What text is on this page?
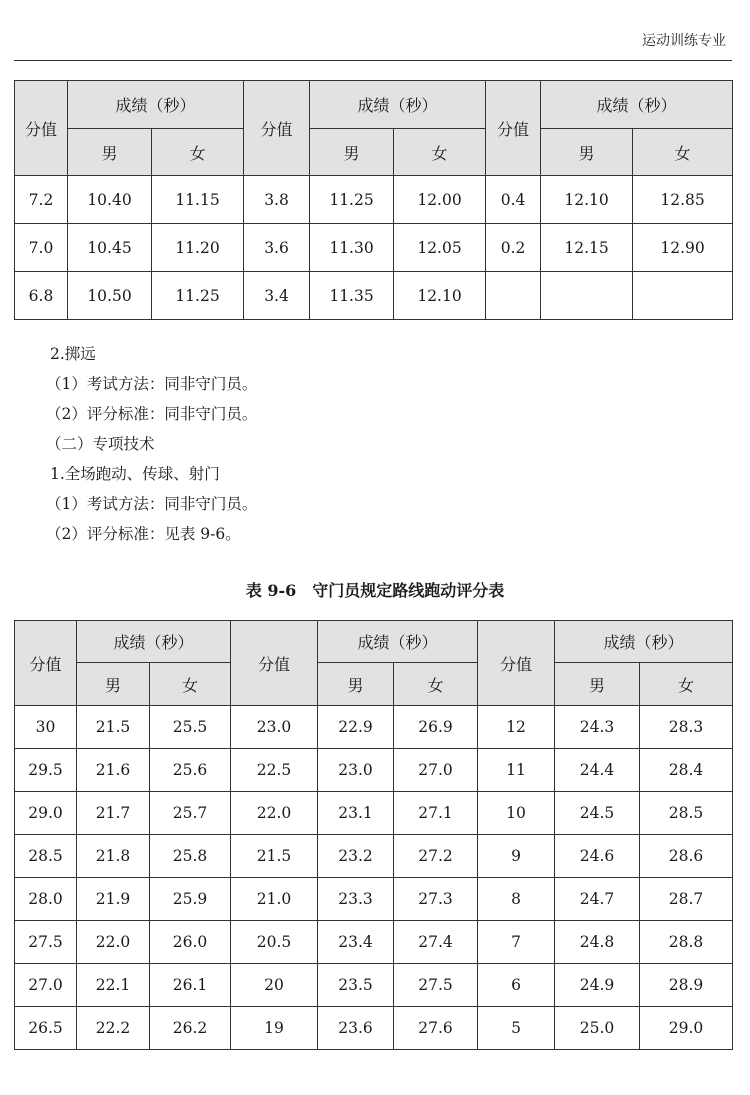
运动训练专业
分值	成绩（秒）		分值	成绩（秒）		分值	成绩（秒）	
	男	女		男	女		男	女
7.2	10.40	11.15	3.8	11.25	12.00	0.4	12.10	12.85
7.0	10.45	11.20	3.6	11.30	12.05	0.2	12.15	12.90
6.8	10.50	11.25	3.4	11.35	12.10			
2.掷远
（1）考试方法：同非守门员。
（2）评分标准：同非守门员。
（二）专项技术
1.全场跑动、传球、射门
（1）考试方法：同非守门员。
（2）评分标准：见表 9-6。
表 9-6　守门员规定路线跑动评分表
分值	成绩（秒）		分值	成绩（秒）		分值	成绩（秒）	
	男	女		男	女		男	女
30	21.5	25.5	23.0	22.9	26.9	12	24.3	28.3
29.5	21.6	25.6	22.5	23.0	27.0	11	24.4	28.4
29.0	21.7	25.7	22.0	23.1	27.1	10	24.5	28.5
28.5	21.8	25.8	21.5	23.2	27.2	9	24.6	28.6
28.0	21.9	25.9	21.0	23.3	27.3	8	24.7	28.7
27.5	22.0	26.0	20.5	23.4	27.4	7	24.8	28.8
27.0	22.1	26.1	20	23.5	27.5	6	24.9	28.9
26.5	22.2	26.2	19	23.6	27.6	5	25.0	29.0
